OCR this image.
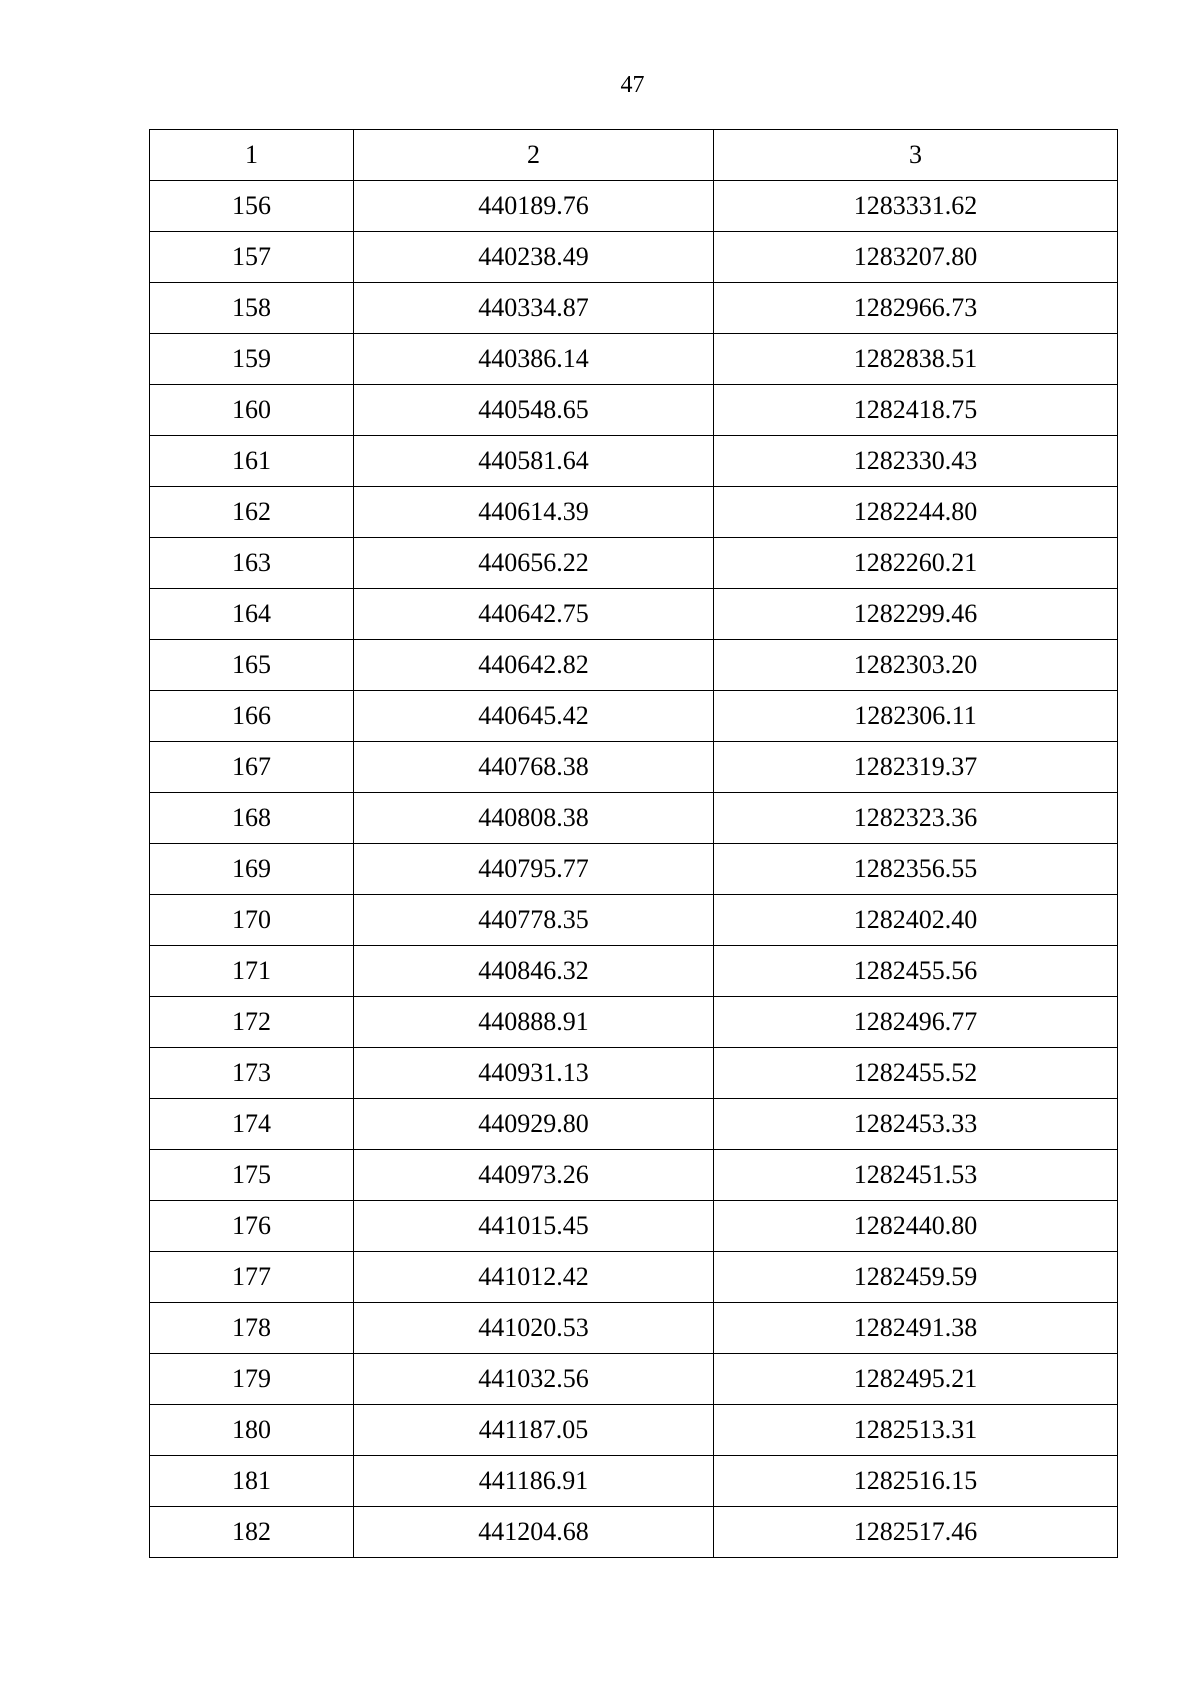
47
1	2	3
156	440189.76	1283331.62
157	440238.49	1283207.80
158	440334.87	1282966.73
159	440386.14	1282838.51
160	440548.65	1282418.75
161	440581.64	1282330.43
162	440614.39	1282244.80
163	440656.22	1282260.21
164	440642.75	1282299.46
165	440642.82	1282303.20
166	440645.42	1282306.11
167	440768.38	1282319.37
168	440808.38	1282323.36
169	440795.77	1282356.55
170	440778.35	1282402.40
171	440846.32	1282455.56
172	440888.91	1282496.77
173	440931.13	1282455.52
174	440929.80	1282453.33
175	440973.26	1282451.53
176	441015.45	1282440.80
177	441012.42	1282459.59
178	441020.53	1282491.38
179	441032.56	1282495.21
180	441187.05	1282513.31
181	441186.91	1282516.15
182	441204.68	1282517.46
